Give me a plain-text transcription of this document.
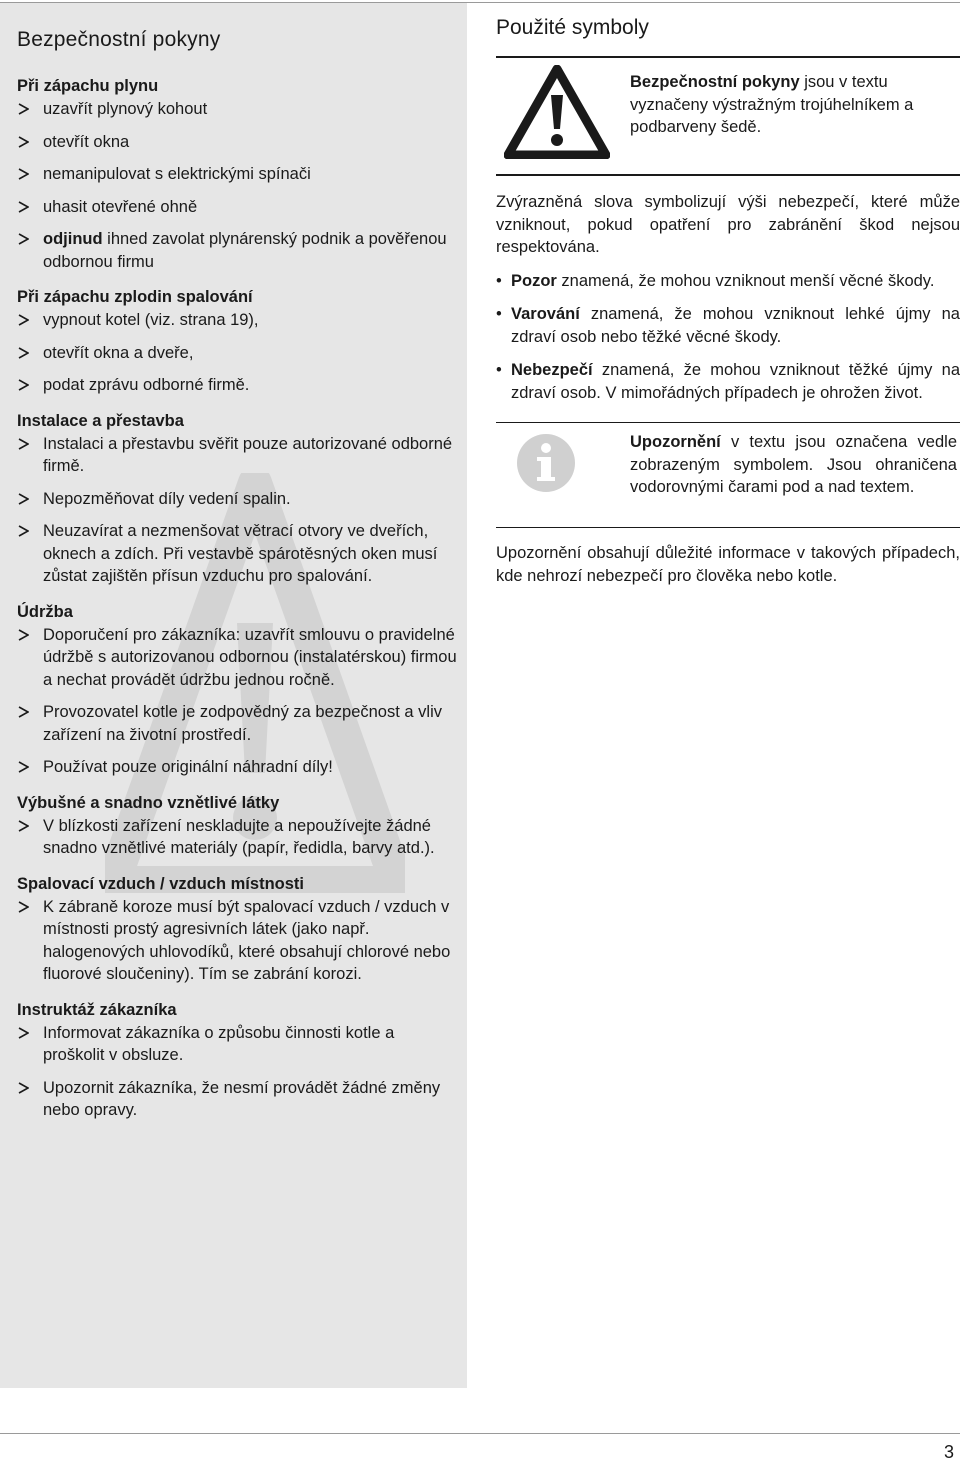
Bezpečnostní pokyny
Při zápachu plynu
uzavřít plynový kohout
otevřít okna
nemanipulovat s elektrickými spínači
uhasit otevřené ohně
odjinud ihned zavolat plynárenský podnik a pověřenou odbornou firmu
Při zápachu zplodin spalování
vypnout kotel (viz. strana 19),
otevřít okna a dveře,
podat zprávu odborné firmě.
Instalace a přestavba
Instalaci a přestavbu svěřit pouze autorizované odborné firmě.
Nepozměňovat díly vedení spalin.
Neuzavírat a nezmenšovat větrací otvory ve dveřích, oknech a zdích. Při vestavbě spárotěsných oken musí zůstat zajištěn přísun vzduchu pro spalování.
Údržba
Doporučení pro zákazníka: uzavřít smlouvu o pravidelné údržbě s autorizovanou odbornou (instalatérskou) firmou a nechat provádět údržbu jednou ročně.
Provozovatel kotle je zodpovědný za bezpečnost a vliv zařízení na životní prostředí.
Používat pouze originální náhradní díly!
Výbušné a snadno vznětlivé látky
V blízkosti zařízení neskladujte a nepoužívejte žádné snadno vznětlivé materiály (papír, ředidla, barvy atd.).
Spalovací vzduch / vzduch místnosti
K zábraně koroze musí být spalovací vzduch / vzduch v místnosti prostý agresivních látek (jako např. halogenových uhlovodíků, které obsahují chlorové nebo fluorové sloučeniny). Tím se zabrání korozi.
Instruktáž zákazníka
Informovat zákazníka o způsobu činnosti kotle a proškolit v obsluze.
Upozornit zákazníka, že nesmí provádět žádné změny nebo opravy.
Použité symboly
Bezpečnostní pokyny jsou v textu vyznačeny výstražným trojúhelníkem a podbarveny šedě.
Zvýrazněná slova symbolizují výši nebezpečí, které může vzniknout, pokud opatření pro zabránění škod nejsou respektována.
• Pozor znamená, že mohou vzniknout menší věcné škody.
• Varování znamená, že mohou vzniknout lehké újmy na zdraví osob nebo těžké věcné škody.
• Nebezpečí znamená, že mohou vzniknout těžké újmy na zdraví osob. V mimořádných případech je ohrožen život.
Upozornění v textu jsou označena vedle zobrazeným symbolem. Jsou ohraničena vodorovnými čarami pod a nad textem.
Upozornění obsahují důležité informace v takových případech, kde nehrozí nebezpečí pro člověka nebo kotle.
3
